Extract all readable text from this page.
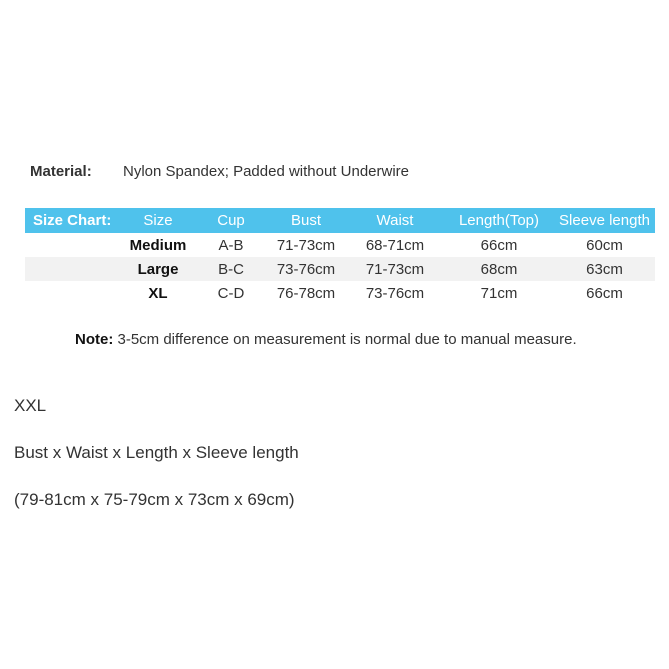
Material: Nylon Spandex; Padded without Underwire
Size Chart:	Size	Cup	Bust	Waist	Length(Top)	Sleeve length
	Medium	A-B	71-73cm	68-71cm	66cm	60cm
	Large	B-C	73-76cm	71-73cm	68cm	63cm
	XL	C-D	76-78cm	73-76cm	71cm	66cm
Note: 3-5cm difference on measurement is normal due to manual measure.
XXL
Bust x Waist x Length x Sleeve length
(79-81cm x 75-79cm x 73cm x 69cm)
